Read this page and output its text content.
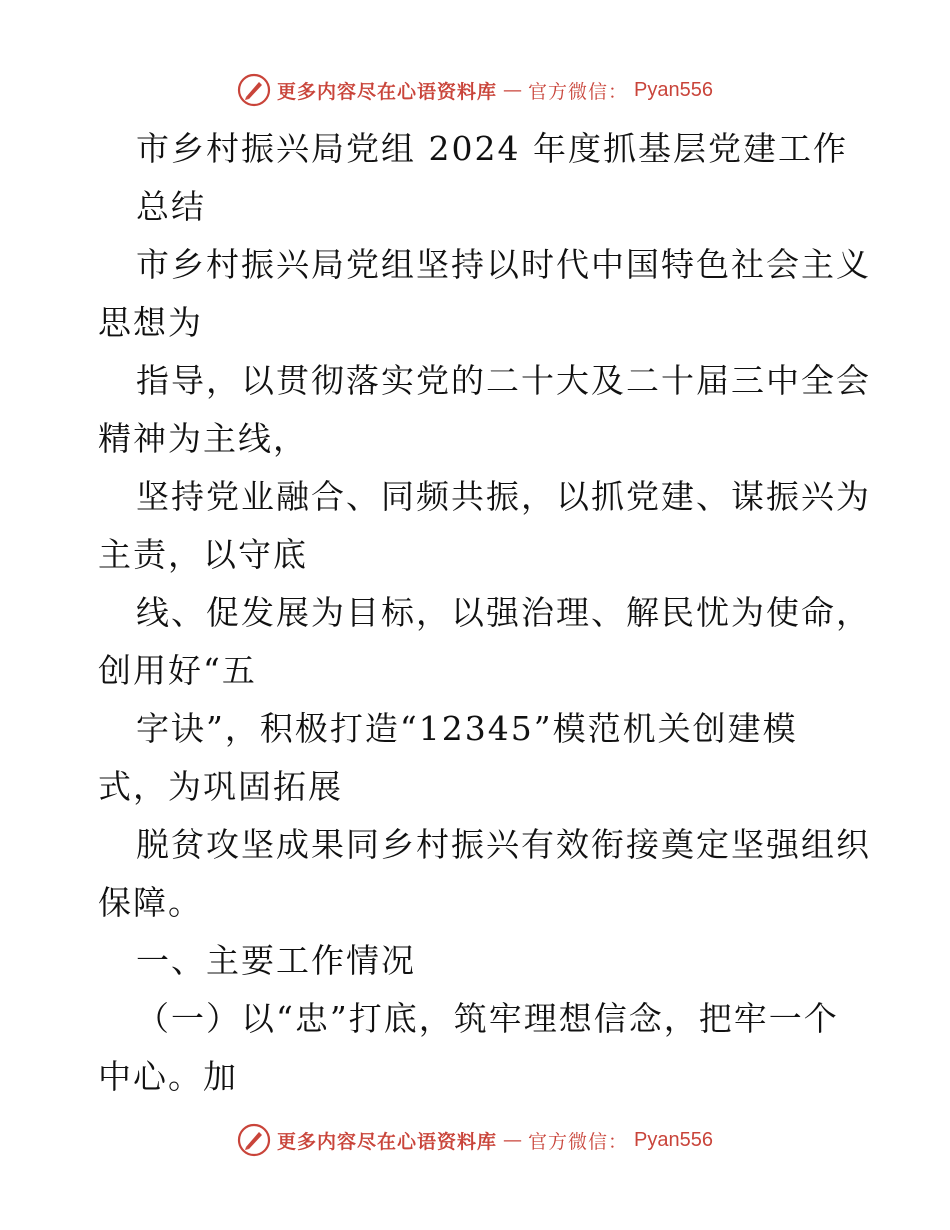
更多内容尽在心语资料库 — 官方微信： Pyan556
市乡村振兴局党组 2024 年度抓基层党建工作
总结
市乡村振兴局党组坚持以时代中国特色社会主义
思想为
指导，以贯彻落实党的二十大及二十届三中全会
精神为主线，
坚持党业融合、同频共振，以抓党建、谋振兴为
主责，以守底
线、促发展为目标，以强治理、解民忧为使命，
创用好“五
字诀”，积极打造“12345”模范机关创建模
式，为巩固拓展
脱贫攻坚成果同乡村振兴有效衔接奠定坚强组织
保障。
一、主要工作情况
（一）以“忠”打底，筑牢理想信念，把牢一个
中心。加
更多内容尽在心语资料库 — 官方微信： Pyan556
